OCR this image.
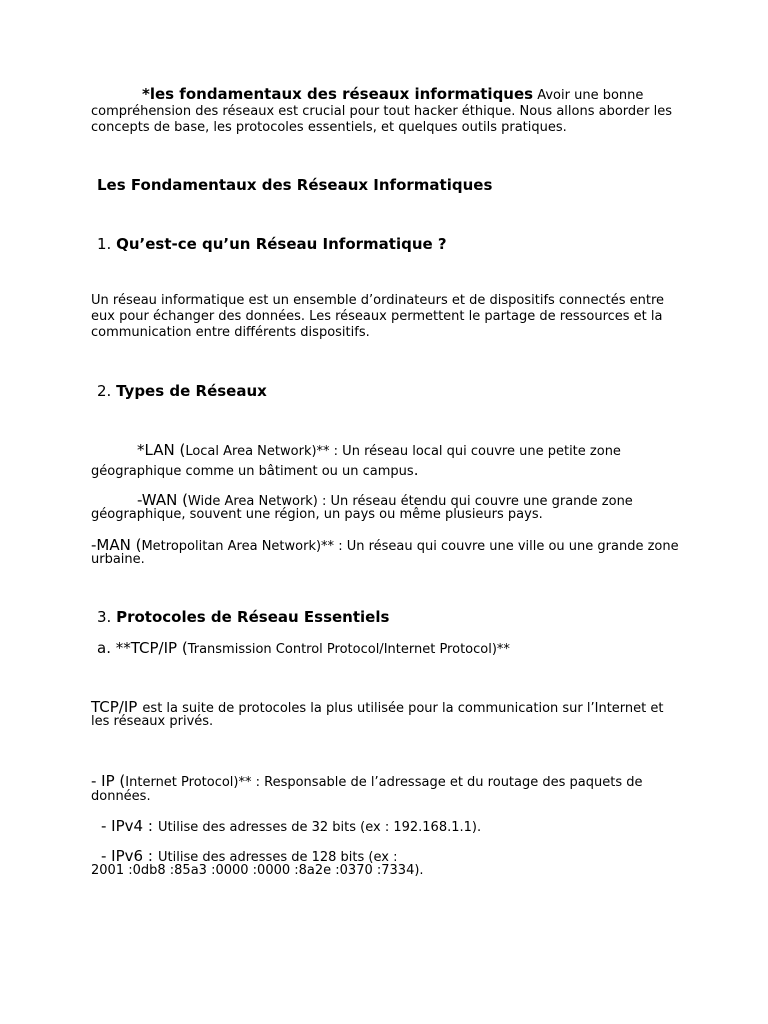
*les fondamentaux des réseaux informatiques Avoir une bonne
compréhension des réseaux est crucial pour tout hacker éthique. Nous allons aborder les
concepts de base, les protocoles essentiels, et quelques outils pratiques.
Les Fondamentaux des Réseaux Informatiques
1. Qu’est-ce qu’un Réseau Informatique ?
Un réseau informatique est un ensemble d’ordinateurs et de dispositifs connectés entre
eux pour échanger des données. Les réseaux permettent le partage de ressources et la
communication entre différents dispositifs.
2. Types de Réseaux
*LAN (Local Area Network)** : Un réseau local qui couvre une petite zone
géographique comme un bâtiment ou un campus.
-WAN (Wide Area Network) : Un réseau étendu qui couvre une grande zone
géographique, souvent une région, un pays ou même plusieurs pays.
-MAN (Metropolitan Area Network)** : Un réseau qui couvre une ville ou une grande zone
urbaine.
3. Protocoles de Réseau Essentiels
a. **TCP/IP (Transmission Control Protocol/Internet Protocol)**
TCP/IP est la suite de protocoles la plus utilisée pour la communication sur l’Internet et
les réseaux privés.
- IP (Internet Protocol)** : Responsable de l’adressage et du routage des paquets de
données.
- IPv4 : Utilise des adresses de 32 bits (ex : 192.168.1.1).
- IPv6 : Utilise des adresses de 128 bits (ex :
2001 :0db8 :85a3 :0000 :0000 :8a2e :0370 :7334).
